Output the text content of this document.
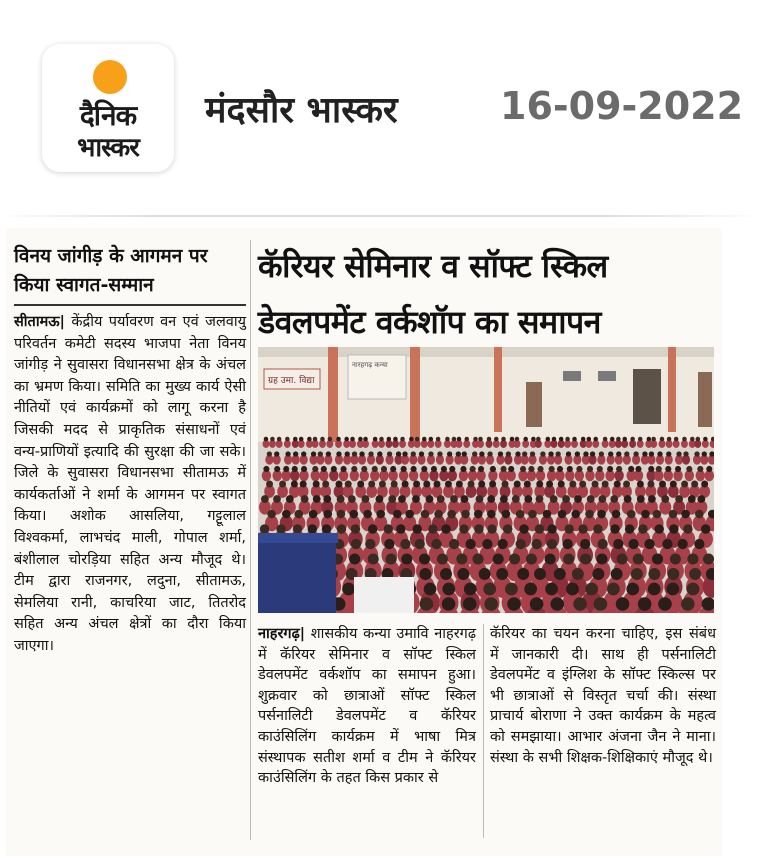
दैनिक
भास्कर
मंदसौर भास्कर	16-09-2022
विनय जांगीड़ के आगमन पर किया स्वागत-सम्मान
सीतामऊ| केंद्रीय पर्यावरण वन एवं जलवायु परिवर्तन कमेटी सदस्य भाजपा नेता विनय जांगीड़ ने सुवासरा विधानसभा क्षेत्र के अंचल का भ्रमण किया। समिति का मुख्य कार्य ऐसी नीतियों एवं कार्यक्रमों को लागू करना है जिसकी मदद से प्राकृतिक संसाधनों एवं वन्य-प्राणियों इत्यादि की सुरक्षा की जा सके। जिले के सुवासरा विधानसभा सीतामऊ में कार्यकर्ताओं ने शर्मा के आगमन पर स्वागत किया। अशोक आसलिया, गट्टूलाल विश्वकर्मा, लाभचंद माली, गोपाल शर्मा, बंशीलाल चोरड़िया सहित अन्य मौजूद थे। टीम द्वारा राजनगर, लदुना, सीतामऊ, सेमलिया रानी, काचरिया जाट, तितरोद सहित अन्य अंचल क्षेत्रों का दौरा किया जाएगा।
कॅरियर सेमिनार व सॉफ्ट स्किल डेवलपमेंट वर्कशॉप का समापन
ग्रह उमा. विद्या
नारहगढ़ कन्या
नाहरगढ़| शासकीय कन्या उमावि नाहरगढ़ में कॅरियर सेमिनार व सॉफ्ट स्किल डेवलपमेंट वर्कशॉप का समापन हुआ। शुक्रवार को छात्राओं सॉफ्ट स्किल पर्सनालिटी डेवलपमेंट व कॅरियर काउंसिलिंग कार्यक्रम में भाषा मित्र संस्थापक सतीश शर्मा व टीम ने कॅरियर काउंसिलिंग के तहत किस प्रकार से
कॅरियर का चयन करना चाहिए, इस संबंध में जानकारी दी। साथ ही पर्सनालिटी डेवलपमेंट व इंग्लिश के सॉफ्ट स्किल्स पर भी छात्राओं से विस्तृत चर्चा की। संस्था प्राचार्य बोराणा ने उक्त कार्यक्रम के महत्व को समझाया। आभार अंजना जैन ने माना। संस्था के सभी शिक्षक-शिक्षिकाएं मौजूद थे।
